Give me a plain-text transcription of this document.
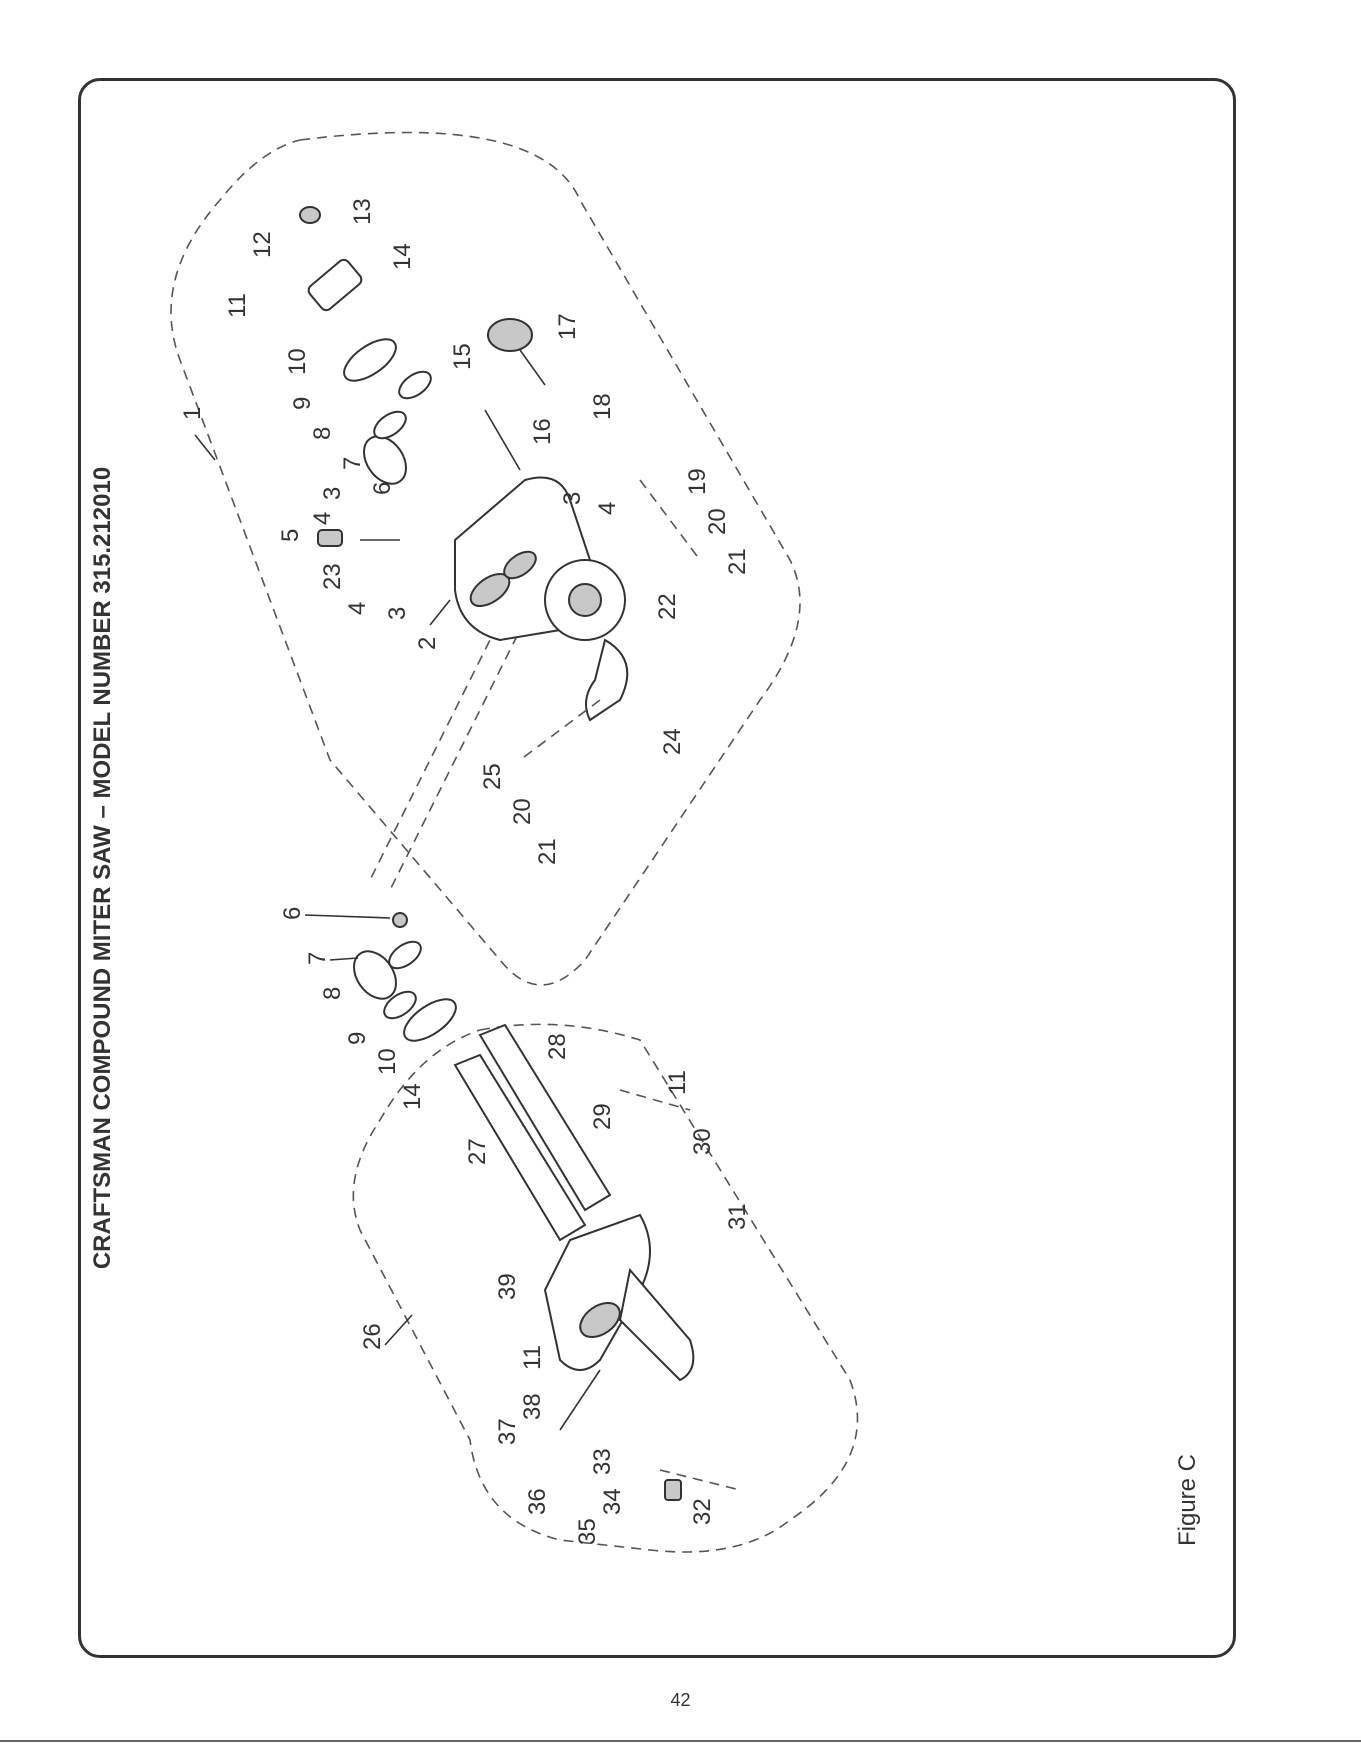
CRAFTSMAN COMPOUND MITER SAW – MODEL NUMBER 315.212010
1
2
3
3
3
4
4
4
5
6
7
8
9
10
11
12
13
14
15
16
17
18
19
20
21
22
23
24
25
20
21
6
7
8
9
10
14
26
27
28
29
11
30
31
39
11
38
37
36
33
34
35
32	Figure C
42
